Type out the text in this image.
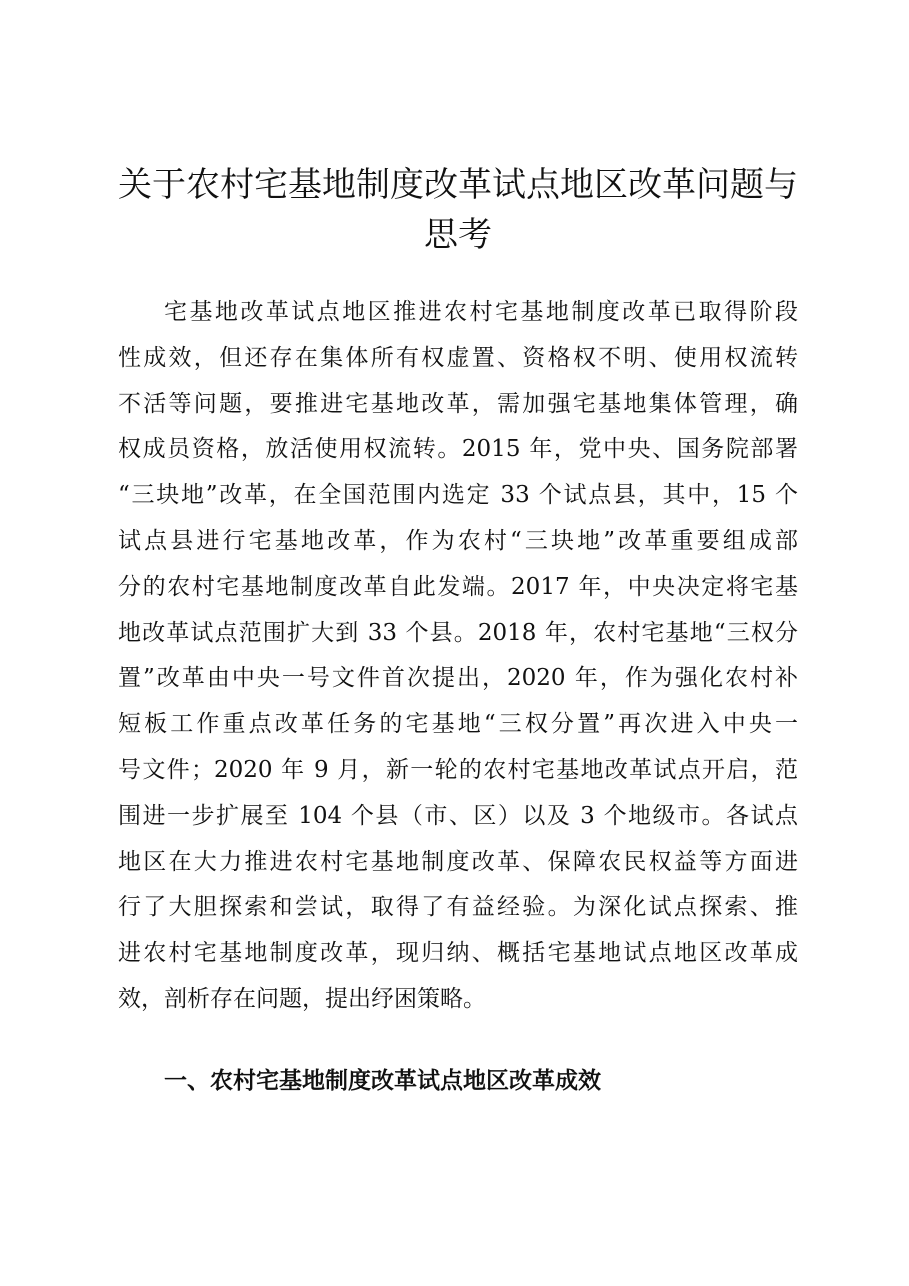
关于农村宅基地制度改革试点地区改革问题与
思考
宅基地改革试点地区推进农村宅基地制度改革已取得阶段
性成效，但还存在集体所有权虚置、资格权不明、使用权流转
不活等问题，要推进宅基地改革，需加强宅基地集体管理，确
权成员资格，放活使用权流转。2015 年，党中央、国务院部署
“三块地”改革，在全国范围内选定 33 个试点县，其中，15 个
试点县进行宅基地改革，作为农村“三块地”改革重要组成部
分的农村宅基地制度改革自此发端。2017 年，中央决定将宅基
地改革试点范围扩大到 33 个县。2018 年，农村宅基地“三权分
置”改革由中央一号文件首次提出，2020 年，作为强化农村补
短板工作重点改革任务的宅基地“三权分置”再次进入中央一
号文件；2020 年 9 月，新一轮的农村宅基地改革试点开启，范
围进一步扩展至 104 个县（市、区）以及 3 个地级市。各试点
地区在大力推进农村宅基地制度改革、保障农民权益等方面进
行了大胆探索和尝试，取得了有益经验。为深化试点探索、推
进农村宅基地制度改革，现归纳、概括宅基地试点地区改革成
效，剖析存在问题，提出纾困策略。
一、农村宅基地制度改革试点地区改革成效
